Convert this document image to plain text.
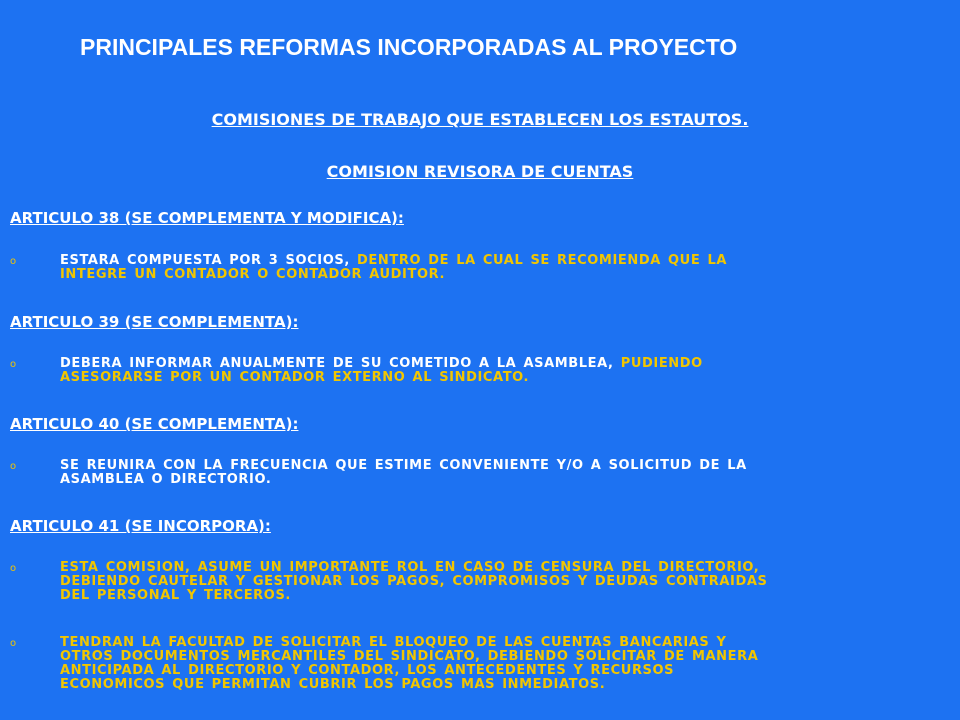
PRINCIPALES REFORMAS INCORPORADAS AL PROYECTO
COMISIONES DE TRABAJO QUE ESTABLECEN LOS ESTAUTOS.
COMISION REVISORA DE CUENTAS
ARTICULO 38 (SE COMPLEMENTA Y MODIFICA):
o	ESTARA COMPUESTA POR 3 SOCIOS, DENTRO DE LA CUAL SE RECOMIENDA QUE LA
INTEGRE UN CONTADOR O CONTADOR AUDITOR.
ARTICULO 39 (SE COMPLEMENTA):
o	DEBERA INFORMAR ANUALMENTE DE SU COMETIDO A LA ASAMBLEA, PUDIENDO
ASESORARSE POR UN CONTADOR EXTERNO AL SINDICATO.
ARTICULO 40 (SE COMPLEMENTA):
o	SE REUNIRA CON LA FRECUENCIA QUE ESTIME CONVENIENTE Y/O A SOLICITUD DE LA
ASAMBLEA O DIRECTORIO.
ARTICULO 41 (SE INCORPORA):
o	ESTA COMISION, ASUME UN IMPORTANTE ROL EN CASO DE CENSURA DEL DIRECTORIO,
DEBIENDO CAUTELAR Y GESTIONAR LOS PAGOS, COMPROMISOS Y DEUDAS CONTRAIDAS
DEL PERSONAL Y TERCEROS.
o	TENDRAN LA FACULTAD DE SOLICITAR EL BLOQUEO DE LAS CUENTAS BANCARIAS Y
OTROS DOCUMENTOS MERCANTILES DEL SINDICATO, DEBIENDO SOLICITAR DE MANERA
ANTICIPADA AL DIRECTORIO Y CONTADOR, LOS ANTECEDENTES Y RECURSOS
ECONOMICOS QUE PERMITAN CUBRIR LOS PAGOS MAS INMEDIATOS.
